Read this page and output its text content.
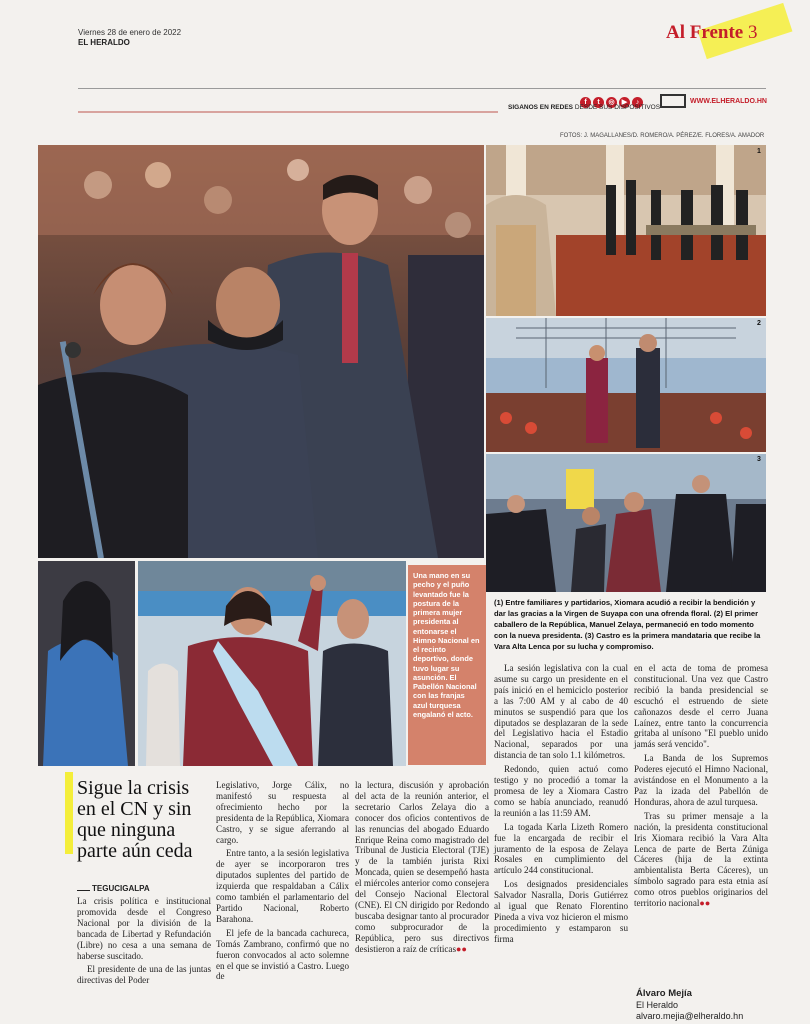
Viernes 28 de enero de 2022
EL HERALDO	Al Frente 3
f t ◎ ▶ ♪
SIGANOS EN REDES DESDE SUS DISPOSITIVOS
WWW.ELHERALDO.HN
FOTOS: J. MAGALLANES/D. ROMERO/A. PÉREZ/E. FLORES/A. AMADOR
1
2
3
Una mano en su pecho y el puño levantado fue la postura de la primera mujer presidenta al entonarse el Himno Nacional en el recinto deportivo, donde tuvo lugar su asunción. El Pabellón Nacional con las franjas azul turquesa engalanó el acto.
(1) Entre familiares y partidarios, Xiomara acudió a recibir la bendición y dar las gracias a la Virgen de Suyapa con una ofrenda floral. (2) El primer caballero de la República, Manuel Zelaya, permaneció en todo momento con la nueva presidenta. (3) Castro es la primera mandataria que recibe la Vara Alta Lenca por su lucha y compromiso.
Sigue la crisis en el CN y sin que ninguna parte aún ceda
TEGUCIGALPA

La crisis política e institucional promovida desde el Congreso Nacional por la división de la bancada de Libertad y Refundación (Libre) no cesa a una semana de haberse suscitado.

El presidente de una de las juntas directivas del Poder

Legislativo, Jorge Cálix, no manifestó su respuesta al ofrecimiento hecho por la presidenta de la República, Xiomara Castro, y se sigue aferrando al cargo.

Entre tanto, a la sesión legislativa de ayer se incorporaron tres diputados suplentes del partido de izquierda que respaldaban a Cálix como también el parlamentario del Partido Nacional, Roberto Barahona.

El jefe de la bancada cachureca, Tomás Zambrano, confirmó que no fueron convocados al acto solemne en el que se invistió a Castro. Luego de

la lectura, discusión y aprobación del acta de la reunión anterior, el secretario Carlos Zelaya dio a conocer dos oficios contentivos de las renuncias del abogado Eduardo Enrique Reina como magistrado del Tribunal de Justicia Electoral (TJE) y de la también jurista Rixi Moncada, quien se desempeñó hasta el miércoles anterior como consejera del Consejo Nacional Electoral (CNE). El CN dirigido por Redondo buscaba designar tanto al procurador como subprocurador de la República, pero sus directivos desistieron a raíz de críticas●●

La sesión legislativa con la cual asume su cargo un presidente en el país inició en el hemiciclo posterior a las 7:00 AM y al cabo de 40 minutos se suspendió para que los diputados se desplazaran de la sede del Legislativo hacia el Estadio Nacional, separados por una distancia de tan solo 1.1 kilómetros.

Redondo, quien actuó como testigo y no procedió a tomar la promesa de ley a Xiomara Castro como se había anunciado, reanudó la reunión a las 11:59 AM.

La togada Karla Lizeth Romero fue la encargada de recibir el juramento de la esposa de Zelaya Rosales en cumplimiento del artículo 244 constitucional.

Los designados presidenciales Salvador Nasralla, Doris Gutiérrez al igual que Renato Florentino Pineda a viva voz hicieron el mismo procedimiento y estamparon su firma

en el acta de toma de promesa constitucional. Una vez que Castro recibió la banda presidencial se escuchó el estruendo de siete cañonazos desde el cerro Juana Laínez, entre tanto la concurrencia gritaba al unísono "El pueblo unido jamás será vencido".

La Banda de los Supremos Poderes ejecutó el Himno Nacional, avistándose en el Monumento a la Paz la izada del Pabellón de Honduras, ahora de azul turquesa.

Tras su primer mensaje a la nación, la presidenta constitucional Iris Xiomara recibió la Vara Alta Lenca de parte de Berta Zúniga Cáceres (hija de la extinta ambientalista Berta Cáceres), un símbolo sagrado para esta etnia así como otros pueblos originarios del territorio nacional●●

Álvaro Mejía
El Heraldo
alvaro.mejia@elheraldo.hn
